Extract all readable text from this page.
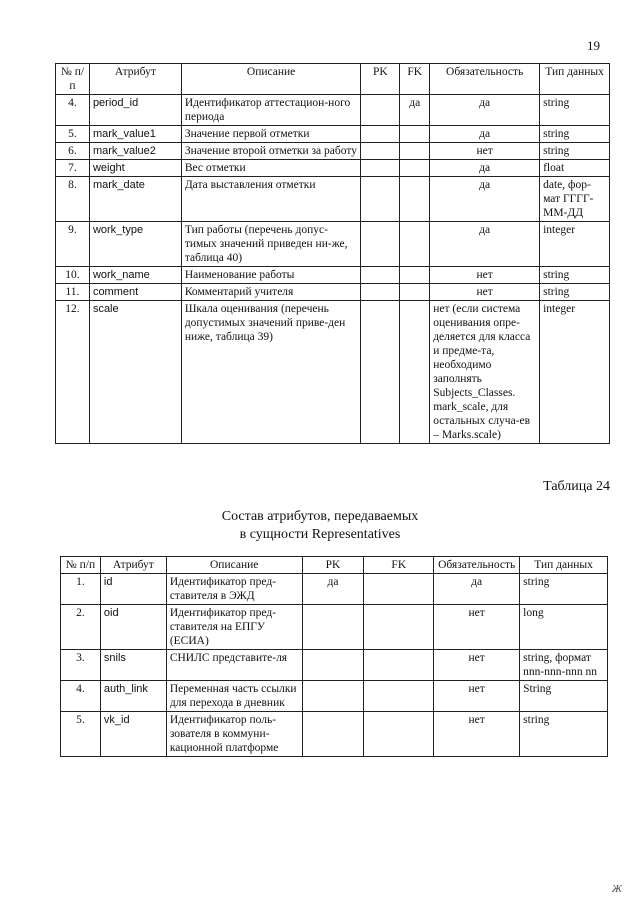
19
№ п/п	Атрибут	Описание	PK	FK	Обязательность	Тип данных
4.	period_id	Идентификатор аттестацион-ного периода		да	да	string
5.	mark_value1	Значение первой отметки			да	string
6.	mark_value2	Значение второй отметки за работу			нет	string
7.	weight	Вес отметки			да	float
8.	mark_date	Дата выставления отметки			да	date, фор-мат ГГГГ-ММ-ДД
9.	work_type	Тип работы (перечень допус-тимых значений приведен ни-же, таблица 40)			да	integer
10.	work_name	Наименование работы			нет	string
11.	comment	Комментарий учителя			нет	string
12.	scale	Шкала оценивания (перечень допустимых значений приве-ден ниже, таблица 39)			нет (если система оценивания опре-деляется для класса и предме-та, необходимо заполнять Subjects_Classes. mark_scale, для остальных случа-ев – Marks.scale)	integer
Таблица 24
Состав атрибутов, передаваемых
в сущности Representatives
№ п/п	Атрибут	Описание	PK	FK	Обязательность	Тип данных
1.	id	Идентификатор пред-ставителя в ЭЖД	да		да	string
2.	oid	Идентификатор пред-ставителя на ЕПГУ (ЕСИА)			нет	long
3.	snils	СНИЛС представите-ля			нет	string, формат nnn-nnn-nnn nn
4.	auth_link	Переменная часть ссылки для перехода в дневник			нет	String
5.	vk_id	Идентификатор поль-зователя в коммуни-кационной платформе			нет	string
Ж
